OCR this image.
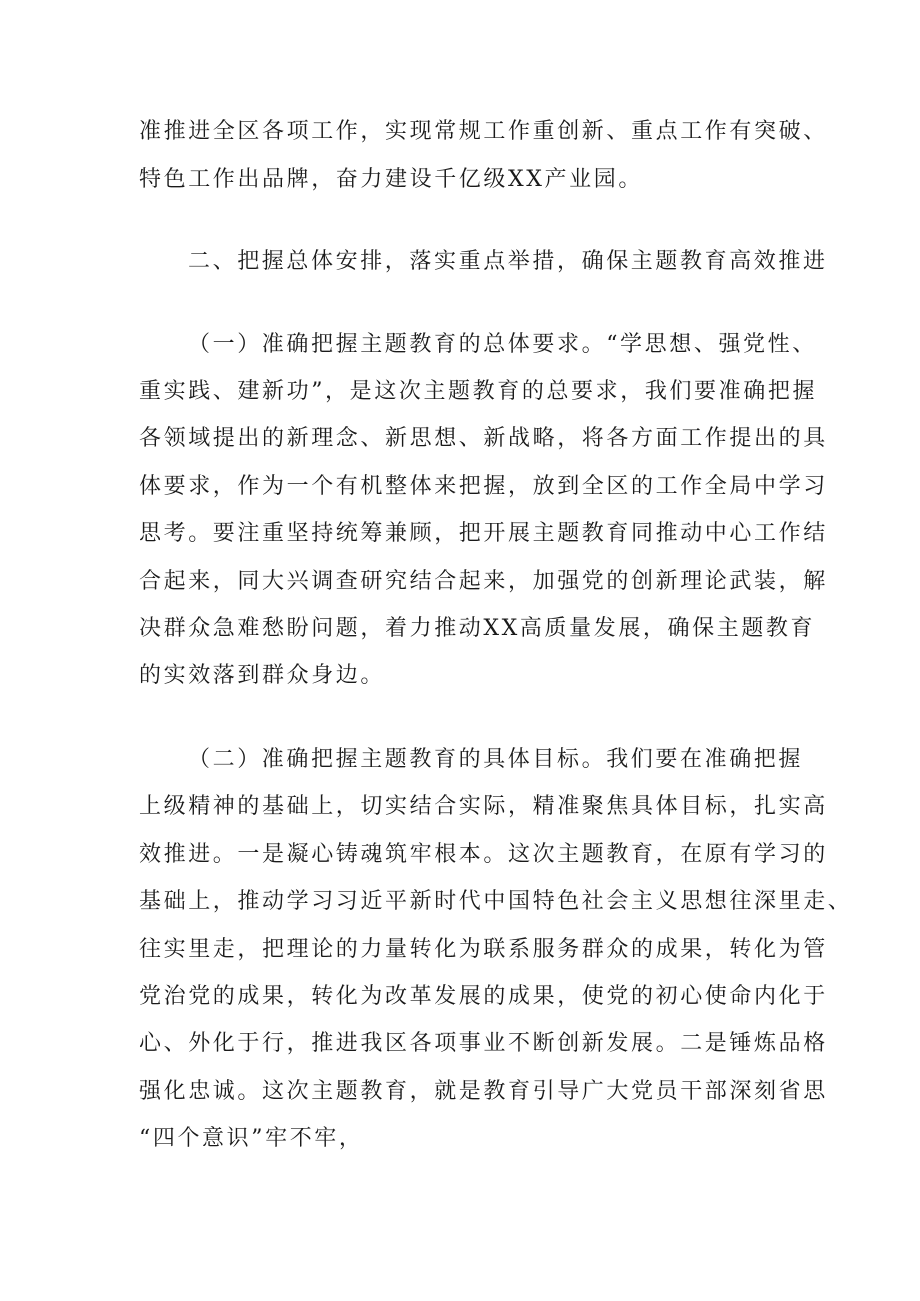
准推进全区各项工作，实现常规工作重创新、重点工作有突破、
特色工作出品牌，奋力建设千亿级XX产业园。
二、把握总体安排，落实重点举措，确保主题教育高效推进
（一）准确把握主题教育的总体要求。“学思想、强党性、
重实践、建新功”，是这次主题教育的总要求，我们要准确把握
各领域提出的新理念、新思想、新战略，将各方面工作提出的具
体要求，作为一个有机整体来把握，放到全区的工作全局中学习
思考。要注重坚持统筹兼顾，把开展主题教育同推动中心工作结
合起来，同大兴调查研究结合起来，加强党的创新理论武装，解
决群众急难愁盼问题，着力推动XX高质量发展，确保主题教育
的实效落到群众身边。
（二）准确把握主题教育的具体目标。我们要在准确把握
上级精神的基础上，切实结合实际，精准聚焦具体目标，扎实高
效推进。一是凝心铸魂筑牢根本。这次主题教育，在原有学习的
基础上，推动学习习近平新时代中国特色社会主义思想往深里走、
往实里走，把理论的力量转化为联系服务群众的成果，转化为管
党治党的成果，转化为改革发展的成果，使党的初心使命内化于
心、外化于行，推进我区各项事业不断创新发展。二是锤炼品格
强化忠诚。这次主题教育，就是教育引导广大党员干部深刻省思
“四个意识”牢不牢，
